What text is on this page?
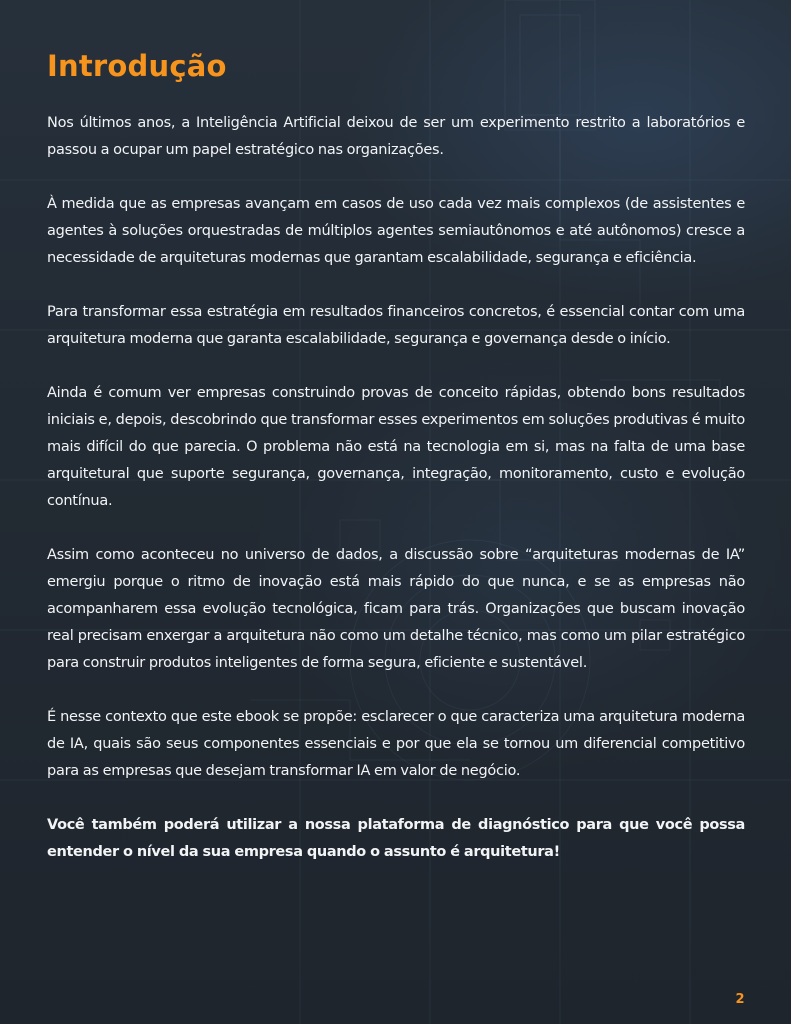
Introdução

Nos últimos anos, a Inteligência Artificial deixou de ser um experimento restrito a laboratórios e passou a ocupar um papel estratégico nas organizações.

À medida que as empresas avançam em casos de uso cada vez mais complexos (de assistentes e agentes à soluções orquestradas de múltiplos agentes semiautônomos e até autônomos) cresce a necessidade de arquiteturas modernas que garantam escalabilidade, segurança e eficiência.

Para transformar essa estratégia em resultados financeiros concretos, é essencial contar com uma arquitetura moderna que garanta escalabilidade, segurança e governança desde o início.

Ainda é comum ver empresas construindo provas de conceito rápidas, obtendo bons resultados iniciais e, depois, descobrindo que transformar esses experimentos em soluções produtivas é muito mais difícil do que parecia. O problema não está na tecnologia em si, mas na falta de uma base arquitetural que suporte segurança, governança, integração, monitoramento, custo e evolução contínua.

Assim como aconteceu no universo de dados, a discussão sobre “arquiteturas modernas de IA” emergiu porque o ritmo de inovação está mais rápido do que nunca, e se as empresas não acompanharem essa evolução tecnológica, ficam para trás. Organizações que buscam inovação real precisam enxergar a arquitetura não como um detalhe técnico, mas como um pilar estratégico para construir produtos inteligentes de forma segura, eficiente e sustentável.

É nesse contexto que este ebook se propõe: esclarecer o que caracteriza uma arquitetura moderna de IA, quais são seus componentes essenciais e por que ela se tornou um diferencial competitivo para as empresas que desejam transformar IA em valor de negócio.

Você também poderá utilizar a nossa plataforma de diagnóstico para que você possa entender o nível da sua empresa quando o assunto é arquitetura!

2
